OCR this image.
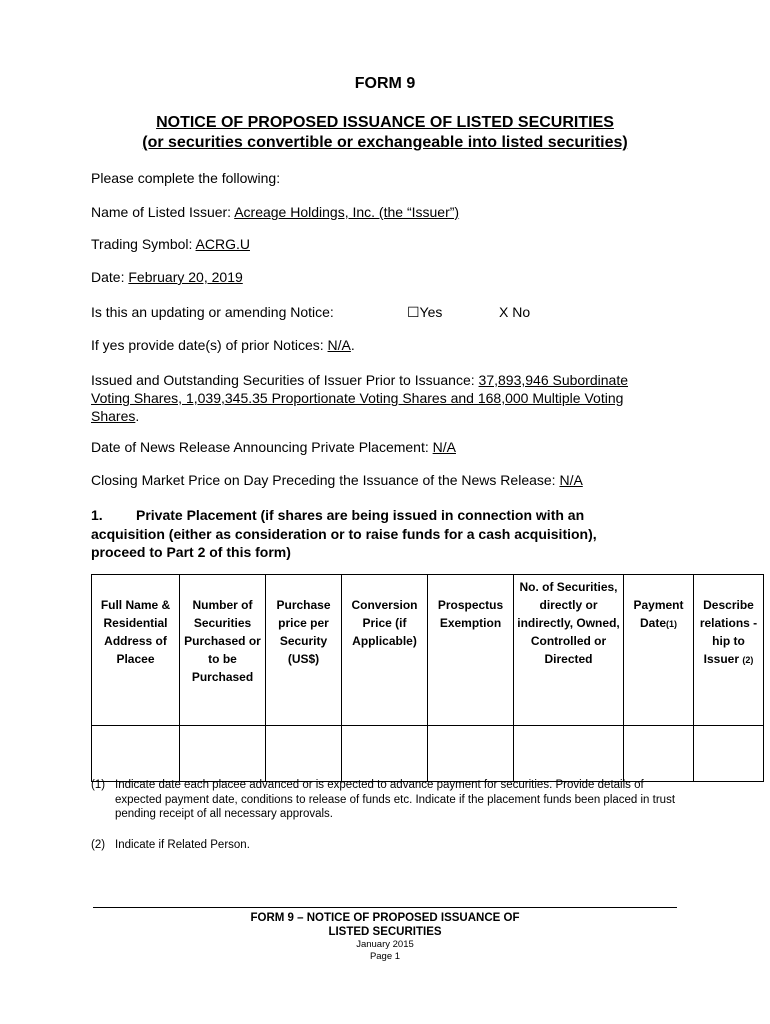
FORM 9
NOTICE OF PROPOSED ISSUANCE OF LISTED SECURITIES
(or securities convertible or exchangeable into listed securities)
Please complete the following:
Name of Listed Issuer: Acreage Holdings, Inc. (the “Issuer”)
Trading Symbol: ACRG.U
Date: February 20, 2019
Is this an updating or amending Notice:	☐Yes	X No
If yes provide date(s) of prior Notices: N/A.
Issued and Outstanding Securities of Issuer Prior to Issuance: 37,893,946 Subordinate
Voting Shares, 1,039,345.35 Proportionate Voting Shares and 168,000 Multiple Voting
Shares.
Date of News Release Announcing Private Placement: N/A
Closing Market Price on Day Preceding the Issuance of the News Release: N/A
1. Private Placement (if shares are being issued in connection with an
acquisition (either as consideration or to raise funds for a cash acquisition),
proceed to Part 2 of this form)
Full Name & Residential Address of Placee	Number of Securities Purchased or to be Purchased	Purchase price per Security (US$)	Conversion Price (if Applicable)	Prospectus Exemption	No. of Securities, directly or indirectly, Owned, Controlled or Directed	Payment Date(1)	Describe relations -hip to Issuer (2)

(1) Indicate date each placee advanced or is expected to advance payment for securities. Provide details of expected payment date, conditions to release of funds etc. Indicate if the placement funds been placed in trust pending receipt of all necessary approvals.
(2) Indicate if Related Person.
FORM 9 – NOTICE OF PROPOSED ISSUANCE OF
LISTED SECURITIES
January 2015
Page 1
